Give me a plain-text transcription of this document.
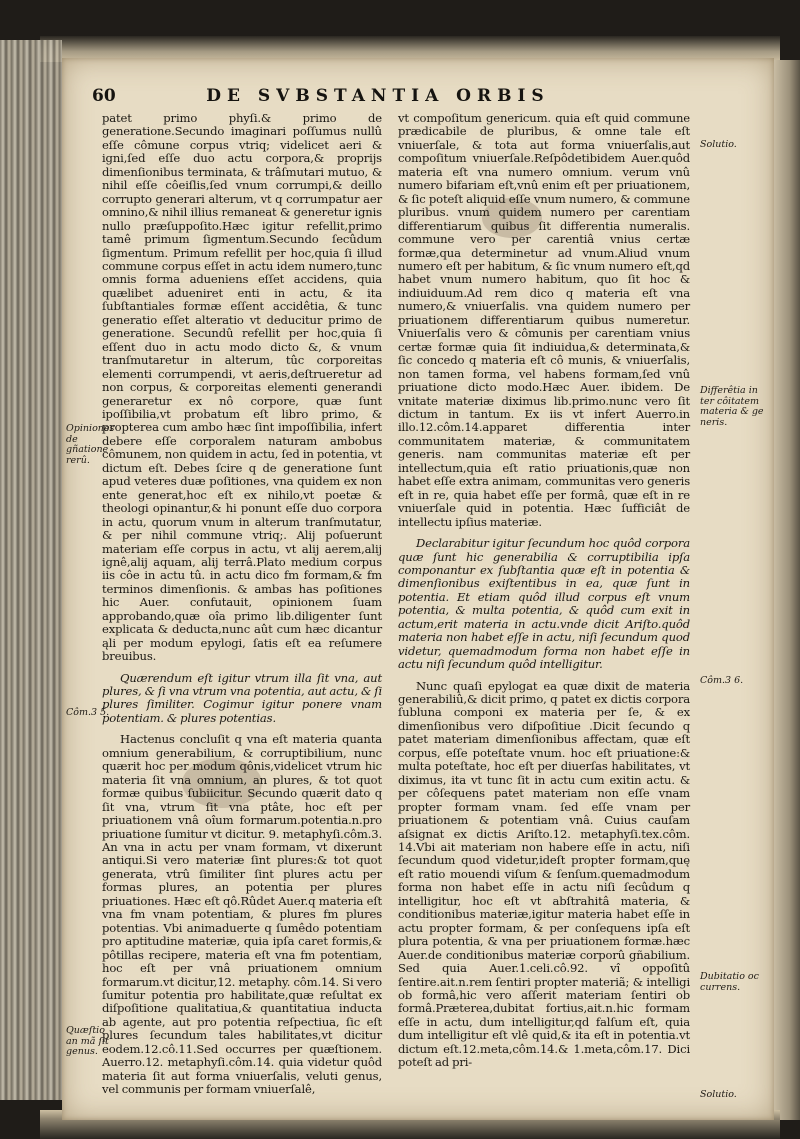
60	DE SVBSTANTIA ORBIS

patet primo phyſi.& primo de generatione.Secundo imaginari poſſumus nullû eſſe cômune corpus vtriq; videlicet aeri & igni,ſed eſſe duo actu corpora,& proprijs dimenſionibus terminata, & trâſmutari mutuo, & nihil eſſe côeiſlis,ſed vnum corrumpi,& deillo corrupto generari alterum, vt q corrumpatur aer omnino,& nihil illius remaneat & generetur ignis nullo præſuppoſito.Hæc igitur refellit,primo tamê primum ſigmentum.Secundo ſecûdum ſigmentum. Primum refellit per hoc,quia ſi illud commune corpus eſſet in actu idem numero,tunc omnis forma adueniens eſſet accidens, quia quælibet adueniret enti in actu, & ita ſubſtantiales formæ eſſent accidêtia, & tunc generatio eſſet alteratio vt deducitur primo de generatione. Secundû refellit per hoc,quia ſi eſſent duo in actu modo dicto &, & vnum tranſmutaretur in alterum, tûc corporeitas elementi corrumpendi, vt aeris,deſtrueretur ad non corpus, & corporeitas elementi generandi generaretur ex nô corpore, quæ ſunt ipoſſibilia,vt probatum eſt libro primo, & propterea cum ambo hæc ſint impoſſibilia, infert debere eſſe corporalem naturam ambobus cômunem, non quidem in actu, ſed in potentia, vt dictum eſt. Debes ſcire q de generatione ſunt apud veteres duæ poſitiones, vna quidem ex non ente generat,hoc eſt ex nihilo,vt poetæ & theologi opinantur,& hi ponunt eſſe duo corpora in actu, quorum vnum in alterum tranſmutatur, & per nihil commune vtriq;. Alij poſuerunt materiam eſſe corpus in actu, vt alij aerem,alij ignê,alij aquam, alij terrâ.Plato medium corpus iis côe in actu tû. in actu dico fm formam,& fm terminos dimenſionis. & ambas has poſitiones hic Auer. confutauit, opinionem ſuam approbando,quæ oîa primo lib.diligenter ſunt explicata & deducta,nunc aût cum hæc dicantur ąli per modum epylogi, ſatis eſt ea reſumere breuibus.

Quærendum eſt igitur vtrum illa ſit vna, aut plures, & ſi vna vtrum vna potentia, aut actu, & ſi plures ſimiliter. Cogimur igitur ponere vnam potentiam. & plures potentias.

Hactenus concluſit q vna eſt materia quanta omnium generabilium, & corruptibilium, nunc quærit hoc per modum qônis,videlicet vtrum hic materia ſit vna omnium, an plures, & tot quot formæ quibus ſubiicitur. Secundo quærit dato q ſit vna, vtrum ſit vna ptâte, hoc eſt per priuationem vnâ oîum formarum.potentia.n.pro priuatione ſumitur vt dicitur. 9. metaphyſi.côm.3. An vna in actu per vnam formam, vt dixerunt antiqui.Si vero materiæ ſint plures:& tot quot generata, vtrû ſimiliter ſint plures actu per formas plures, an potentia per plures priuationes. Hæc eſt qô.Rûdet Auer.q materia eſt vna fm vnam potentiam, & plures fm plures potentias. Vbi animaduerte q ſumêdo potentiam pro aptitudine materiæ, quia ipſa caret formis,& pôtillas recipere, materia eſt vna fm potentiam, hoc eſt per vnâ priuationem omnium formarum.vt dicitur,12. metaphy. côm.14. Si vero ſumitur potentia pro habilitate,quæ reſultat ex diſpoſitione qualitatiua,& quantitatiua inducta ab agente, aut pro potentia reſpectiua, ſic eſt plures ſecundum tales habilitates,vt dicitur eodem.12.cô.11.Sed occurres per quæſtionem. Auerro.12. metaphyſi.côm.14. quia videtur quôd materia ſit aut forma vniuerſalis, veluti genus, vel communis per formam vniuerſalê,

vt compoſitum genericum. quia eſt quid commune prædicabile de pluribus, & omne tale eſt vniuerſale, & tota aut forma vniuerſalis,aut compoſitum vniuerſale.Reſpôdetibidem Auer.quôd materia eſt vna numero omnium. verum vnû numero bifariam eſt,vnû enim eſt per priuationem, & ſic poteſt aliquid eſſe vnum numero, & commune pluribus. vnum quidem numero per carentiam differentiarum quibus ſit differentia numeralis. commune vero per carentiâ vnius certæ formæ,qua determinetur ad vnum.Aliud vnum numero eſt per habitum, & ſic vnum numero eſt,qd habet vnum numero habitum, quo ſit hoc & indiuiduum.Ad rem dico q materia eſt vna numero,& vniuerſalis. vna quidem numero per priuationem differentiarum quibus numeretur. Vniuerſalis vero & cômunis per carentiam vnius certæ formæ quia ſit indiuidua,& determinata,& ſic concedo q materia eſt cô munis, & vniuerſalis, non tamen forma, vel habens formam,ſed vnû priuatione dicto modo.Hæc Auer. ibidem. De vnitate materiæ diximus lib.primo.nunc vero ſit dictum in tantum. Ex iis vt infert Auerro.in illo.12.côm.14.apparet differentia inter communitatem materiæ, & communitatem generis. nam communitas materiæ eſt per intellectum,quia eſt ratio priuationis,quæ non habet eſſe extra animam, communitas vero generis eſt in re, quia habet eſſe per formâ, quæ eſt in re vniuerſale quid in potentia. Hæc ſufficiât de intellectu ipſius materiæ.

Declarabitur igitur ſecundum hoc quôd corpora quæ ſunt hic generabilia & corruptibilia ipſa componantur ex ſubſtantia quæ eſt in potentia & dimenſionibus exiſtentibus in ea, quæ ſunt in potentia. Et etiam quôd illud corpus eſt vnum potentia, & multa potentia, & quôd cum exit in actum,erit materia in actu.vnde dicit Ariſto.quôd materia non habet eſſe in actu, niſi ſecundum quod videtur, quemadmodum forma non habet eſſe in actu niſi ſecundum quôd intelligitur.

Nunc quaſi epylogat ea quæ dixit de materia generabiliû,& dicit primo, q patet ex dictis corpora ſubluna componi ex materia per ſe, & ex dimenſionibus vero diſpoſitiue .Dicit ſecundo q patet materiam dimenſionibus affectam, quæ eſt corpus, eſſe poteſtate vnum. hoc eſt priuatione:& multa poteſtate, hoc eſt per diuerſas habilitates, vt diximus, ita vt tunc ſit in actu cum exitin actu. & per côſequens patet materiam non eſſe vnam propter formam vnam. ſed eſſe vnam per priuationem & potentiam vnâ. Cuius cauſam aſsignat ex dictis Ariſto.12. metaphyſi.tex.côm. 14.Vbi ait materiam non habere eſſe in actu, niſi ſecundum quod videtur,ideſt propter formam,quę eſt ratio mouendi viſum & ſenſum.quemadmodum forma non habet eſſe in actu niſi ſecûdum q intelligitur, hoc eſt vt abſtrahitâ materia, & conditionibus materiæ,igitur materia habet eſſe in actu propter formam, & per conſequens ipſa eſt plura potentia, & vna per priuationem formæ.hæc Auer.de conditionibus materiæ corporû gñabilium. Sed quia Auer.1.celi.cô.92. vî oppoſitû ſentire.ait.n.rem ſentiri propter materiã; & intelligi ob formâ,hic vero aſſerit materiam ſentiri ob formâ.Præterea,dubitat fortius,ait.n.hic formam eſſe in actu, dum intelligitur,qd falſum eſt, quia dum intelligitur eſt vlê quid,& ita eſt in potentia.vt dictum eſt.12.meta,côm.14.& 1.meta,côm.17. Dici poteſt ad pri-

Opiniones de gñatione rerû.
Côm.3 5.
Quæſtio an mã ſit genus.
Solutio.
Differêtia in ter côitatem materia & ge neris.
Côm.3 6.
Dubitatio oc currens.
Solutio.
